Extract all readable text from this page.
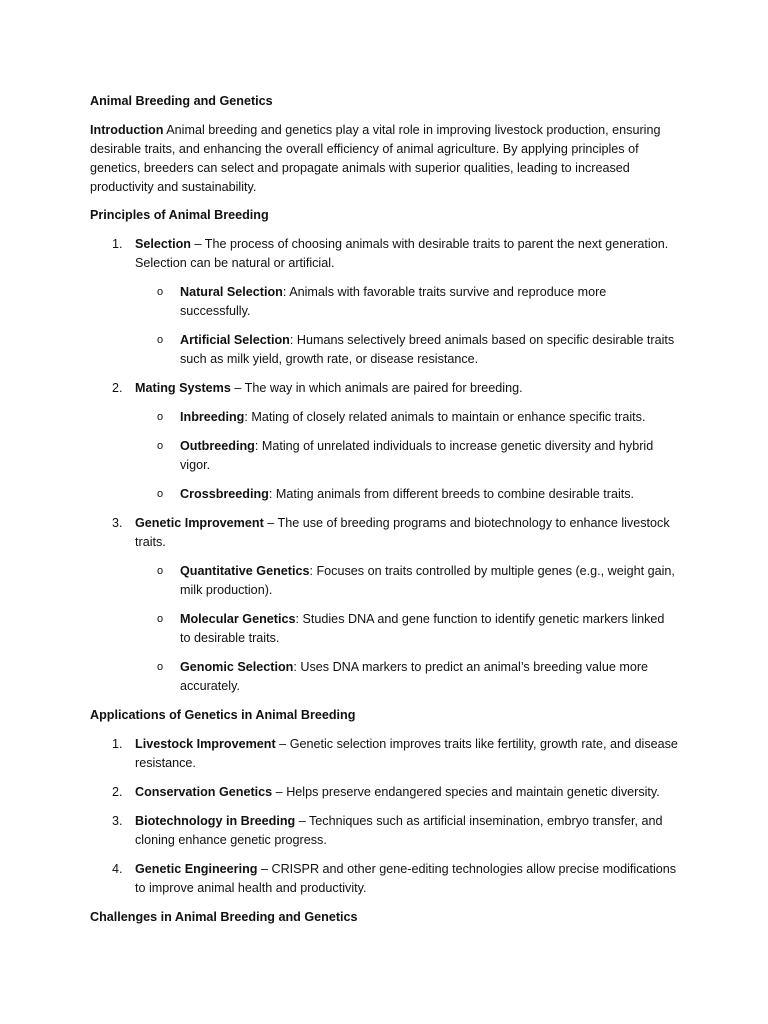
Animal Breeding and Genetics

Introduction Animal breeding and genetics play a vital role in improving livestock production, ensuring desirable traits, and enhancing the overall efficiency of animal agriculture. By applying principles of genetics, breeders can select and propagate animals with superior qualities, leading to increased productivity and sustainability.

Principles of Animal Breeding
1. Selection – The process of choosing animals with desirable traits to parent the next generation. Selection can be natural or artificial.
o Natural Selection: Animals with favorable traits survive and reproduce more successfully.
o Artificial Selection: Humans selectively breed animals based on specific desirable traits such as milk yield, growth rate, or disease resistance.
2. Mating Systems – The way in which animals are paired for breeding.
o Inbreeding: Mating of closely related animals to maintain or enhance specific traits.
o Outbreeding: Mating of unrelated individuals to increase genetic diversity and hybrid vigor.
o Crossbreeding: Mating animals from different breeds to combine desirable traits.
3. Genetic Improvement – The use of breeding programs and biotechnology to enhance livestock traits.
o Quantitative Genetics: Focuses on traits controlled by multiple genes (e.g., weight gain, milk production).
o Molecular Genetics: Studies DNA and gene function to identify genetic markers linked to desirable traits.
o Genomic Selection: Uses DNA markers to predict an animal’s breeding value more accurately.
Applications of Genetics in Animal Breeding
1. Livestock Improvement – Genetic selection improves traits like fertility, growth rate, and disease resistance.
2. Conservation Genetics – Helps preserve endangered species and maintain genetic diversity.
3. Biotechnology in Breeding – Techniques such as artificial insemination, embryo transfer, and cloning enhance genetic progress.
4. Genetic Engineering – CRISPR and other gene-editing technologies allow precise modifications to improve animal health and productivity.
Challenges in Animal Breeding and Genetics
